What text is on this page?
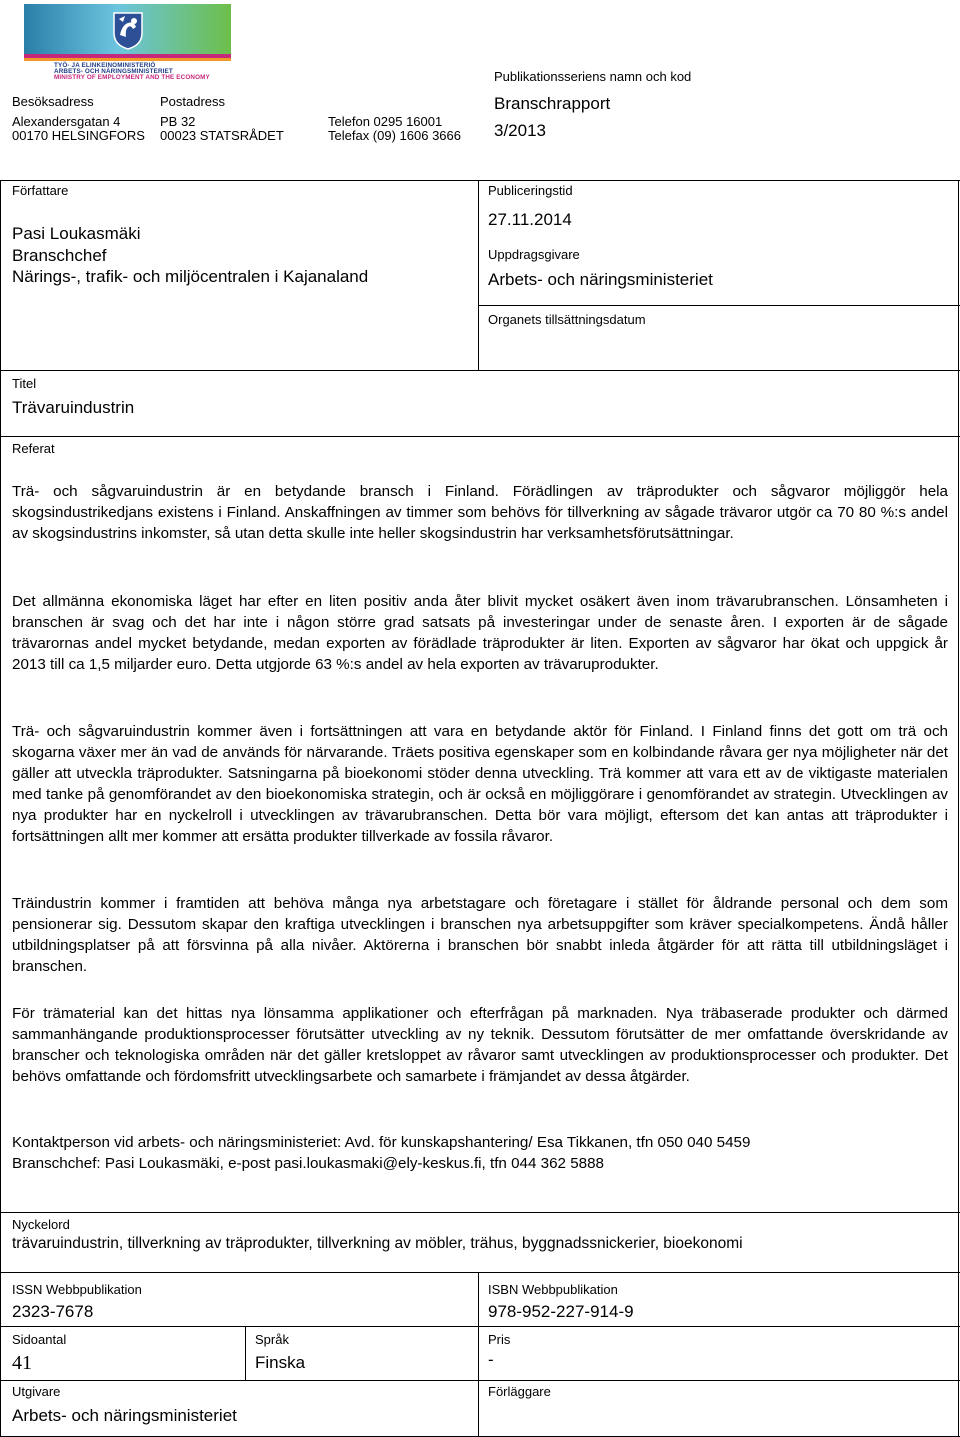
TYÖ- JA ELINKEINOMINISTERIÖ
ARBETS- OCH NÄRINGSMINISTERIET
MINISTRY OF EMPLOYMENT AND THE ECONOMY
Besöksadress
Alexandersgatan 4
00170 HELSINGFORS
Postadress
PB 32
00023 STATSRÅDET
Telefon 0295 16001
Telefax (09) 1606 3666
Publikationsseriens namn och kod
Branschrapport
3/2013
Författare
Pasi Loukasmäki
Branschchef
Närings-, trafik- och miljöcentralen i Kajanaland
Publiceringstid
27.11.2014
Uppdragsgivare
Arbets- och näringsministeriet
Organets tillsättningsdatum
Titel
Trävaruindustrin
Referat

Trä- och sågvaruindustrin är en betydande bransch i Finland. Förädlingen av träprodukter och sågvaror möjliggör hela skogsindustrikedjans existens i Finland. Anskaffningen av timmer som behövs för tillverkning av sågade trävaror utgör ca 70 80 %:s andel av skogsindustrins inkomster, så utan detta skulle inte heller skogsindustrin har verksamhetsförutsättningar.

Det allmänna ekonomiska läget har efter en liten positiv anda åter blivit mycket osäkert även inom trävarubranschen. Lönsamheten i branschen är svag och det har inte i någon större grad satsats på investeringar under de senaste åren. I exporten är de sågade trävarornas andel mycket betydande, medan exporten av förädlade träprodukter är liten. Exporten av sågvaror har ökat och uppgick år 2013 till ca 1,5 miljarder euro. Detta utgjorde 63 %:s andel av hela exporten av trävaruprodukter.

Trä- och sågvaruindustrin kommer även i fortsättningen att vara en betydande aktör för Finland. I Finland finns det gott om trä och skogarna växer mer än vad de används för närvarande. Träets positiva egenskaper som en kolbindande råvara ger nya möjligheter när det gäller att utveckla träprodukter. Satsningarna på bioekonomi stöder denna utveckling. Trä kommer att vara ett av de viktigaste materialen med tanke på genomförandet av den bioekonomiska strategin, och är också en möjliggörare i genomförandet av strategin. Utvecklingen av nya produkter har en nyckelroll i utvecklingen av trävarubranschen. Detta bör vara möjligt, eftersom det kan antas att träprodukter i fortsättningen allt mer kommer att ersätta produkter tillverkade av fossila råvaror.

Träindustrin kommer i framtiden att behöva många nya arbetstagare och företagare i stället för åldrande personal och dem som pensionerar sig. Dessutom skapar den kraftiga utvecklingen i branschen nya arbetsuppgifter som kräver specialkompetens. Ändå håller utbildningsplatser på att försvinna på alla nivåer. Aktörerna i branschen bör snabbt inleda åtgärder för att rätta till utbildningsläget i branschen.

För trämaterial kan det hittas nya lönsamma applikationer och efterfrågan på marknaden. Nya träbaserade produkter och därmed sammanhängande produktionsprocesser förutsätter utveckling av ny teknik. Dessutom förutsätter de mer omfattande överskridande av branscher och teknologiska områden när det gäller kretsloppet av råvaror samt utvecklingen av produktionsprocesser och produkter. Det behövs omfattande och fördomsfritt utvecklingsarbete och samarbete i främjandet av dessa åtgärder.

Kontaktperson vid arbets- och näringsministeriet: Avd. för kunskapshantering/ Esa Tikkanen, tfn 050 040 5459
Branschchef: Pasi Loukasmäki, e-post pasi.loukasmaki@ely-keskus.fi, tfn 044 362 5888
Nyckelord
trävaruindustrin, tillverkning av träprodukter, tillverkning av möbler, trähus, byggnadssnickerier, bioekonomi
ISSN Webbpublikation
2323-7678
ISBN Webbpublikation
978-952-227-914-9
Sidoantal
41
Språk
Finska
Pris
-
Utgivare
Arbets- och näringsministeriet
Förläggare
